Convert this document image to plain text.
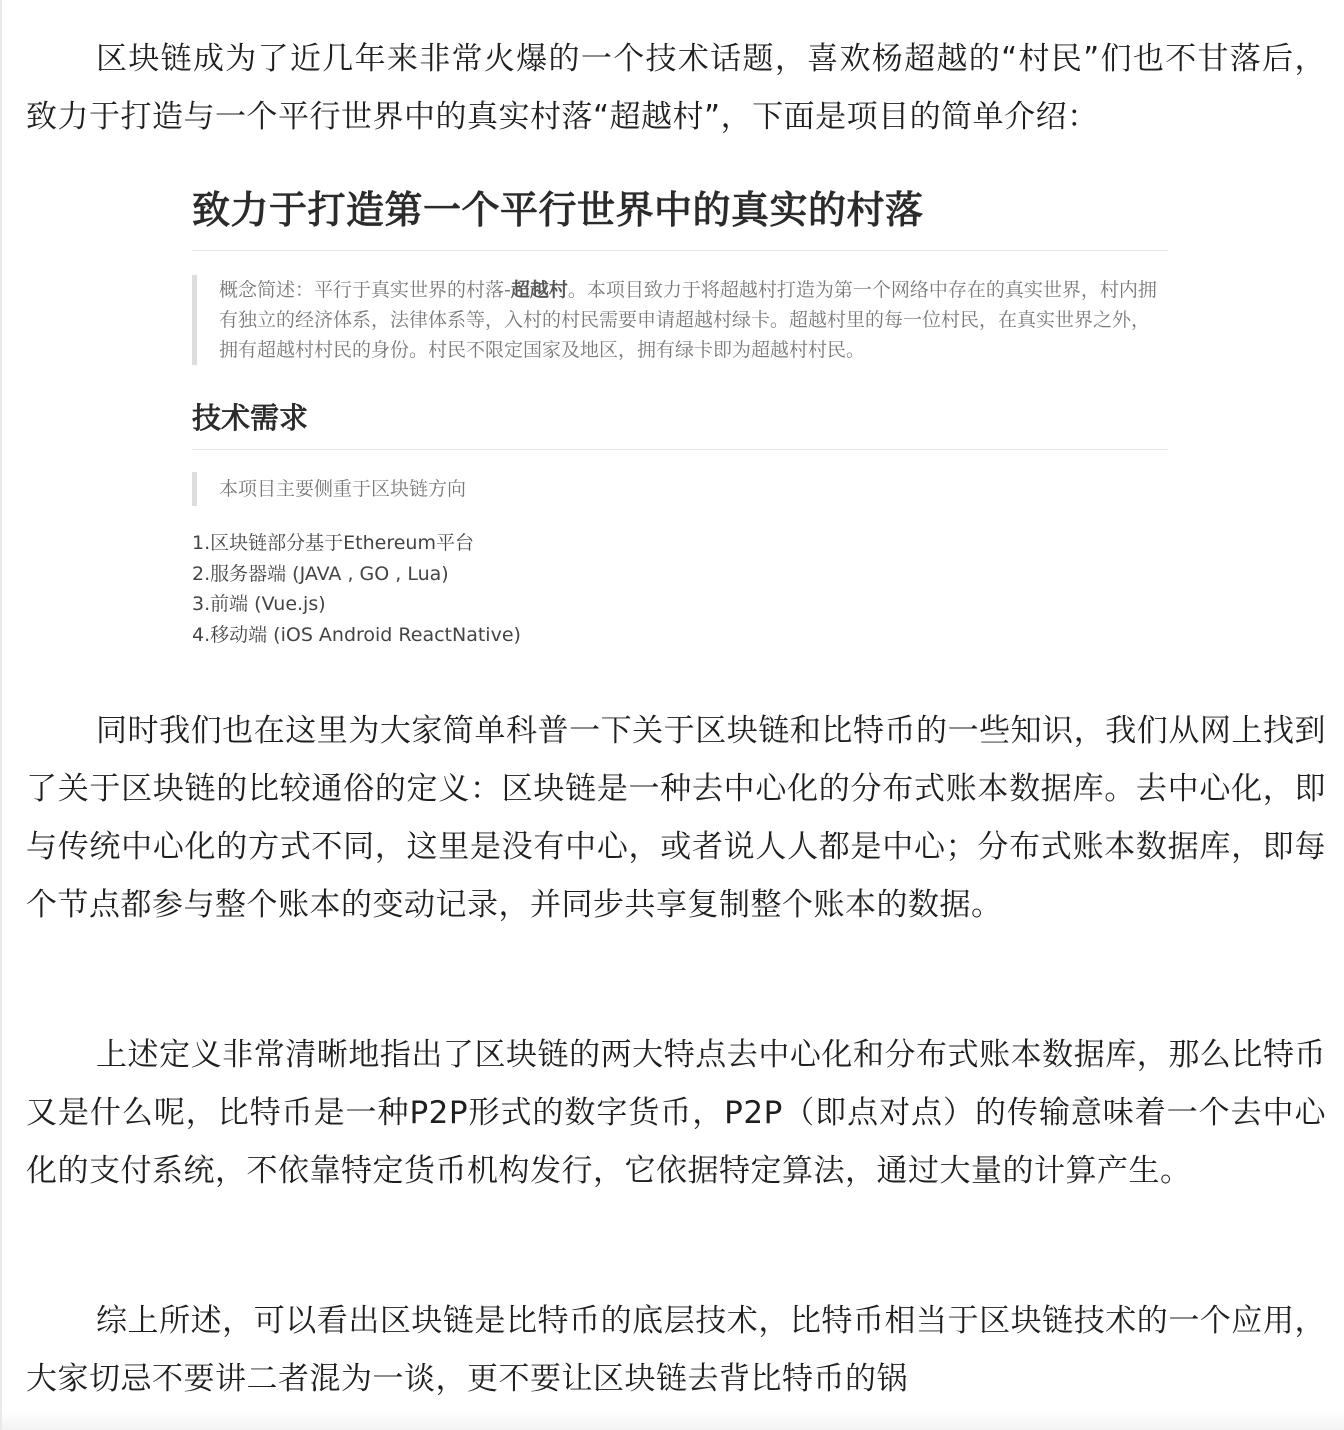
区块链成为了近几年来非常火爆的一个技术话题，喜欢杨超越的“村民”们也不甘落后，致力于打造与一个平行世界中的真实村落“超越村”，下面是项目的简单介绍：

致力于打造第一个平行世界中的真实的村落
概念简述：平行于真实世界的村落-超越村。本项目致力于将超越村打造为第一个网络中存在的真实世界，村内拥有独立的经济体系，法律体系等，入村的村民需要申请超越村绿卡。超越村里的每一位村民，在真实世界之外，拥有超越村村民的身份。村民不限定国家及地区，拥有绿卡即为超越村村民。
技术需求
本项目主要侧重于区块链方向
1.区块链部分基于Ethereum平台
2.服务器端 (JAVA , GO , Lua)
3.前端 (Vue.js)
4.移动端 (iOS Android ReactNative)

同时我们也在这里为大家简单科普一下关于区块链和比特币的一些知识，我们从网上找到了关于区块链的比较通俗的定义：区块链是一种去中心化的分布式账本数据库。去中心化，即与传统中心化的方式不同，这里是没有中心，或者说人人都是中心；分布式账本数据库，即每个节点都参与整个账本的变动记录，并同步共享复制整个账本的数据。

上述定义非常清晰地指出了区块链的两大特点去中心化和分布式账本数据库，那么比特币又是什么呢，比特币是一种P2P形式的数字货币，P2P（即点对点）的传输意味着一个去中心化的支付系统，不依靠特定货币机构发行，它依据特定算法，通过大量的计算产生。

综上所述，可以看出区块链是比特币的底层技术，比特币相当于区块链技术的一个应用，大家切忌不要讲二者混为一谈，更不要让区块链去背比特币的锅
